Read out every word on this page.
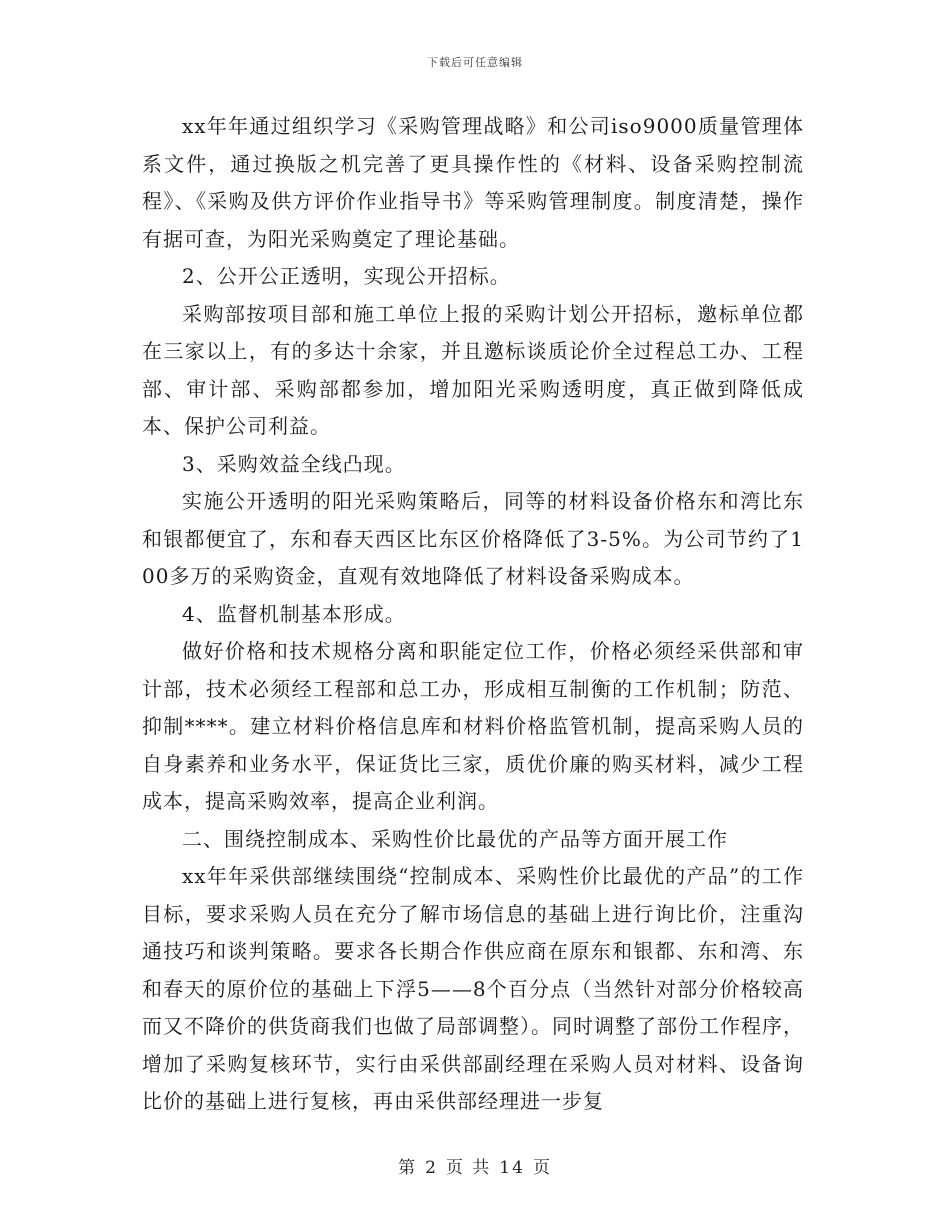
下载后可任意编辑

xx年年通过组织学习《采购管理战略》和公司iso9000质量管理体系文件，通过换版之机完善了更具操作性的《材料、设备采购控制流程》、《采购及供方评价作业指导书》等采购管理制度。制度清楚，操作有据可查，为阳光采购奠定了理论基础。

2、公开公正透明，实现公开招标。

采购部按项目部和施工单位上报的采购计划公开招标，邀标单位都在三家以上，有的多达十余家，并且邀标谈质论价全过程总工办、工程部、审计部、采购部都参加，增加阳光采购透明度，真正做到降低成本、保护公司利益。

3、采购效益全线凸现。

实施公开透明的阳光采购策略后，同等的材料设备价格东和湾比东和银都便宜了，东和春天西区比东区价格降低了3-5%。为公司节约了100多万的采购资金，直观有效地降低了材料设备采购成本。

4、监督机制基本形成。

做好价格和技术规格分离和职能定位工作，价格必须经采供部和审计部，技术必须经工程部和总工办，形成相互制衡的工作机制；防范、抑制****。建立材料价格信息库和材料价格监管机制，提高采购人员的自身素养和业务水平，保证货比三家，质优价廉的购买材料，减少工程成本，提高采购效率，提高企业利润。

二、围绕控制成本、采购性价比最优的产品等方面开展工作

xx年年采供部继续围绕“控制成本、采购性价比最优的产品”的工作目标，要求采购人员在充分了解市场信息的基础上进行询比价，注重沟通技巧和谈判策略。要求各长期合作供应商在原东和银都、东和湾、东和春天的原价位的基础上下浮5——8个百分点（当然针对部分价格较高而又不降价的供货商我们也做了局部调整）。同时调整了部份工作程序，增加了采购复核环节，实行由采供部副经理在采购人员对材料、设备询比价的基础上进行复核，再由采供部经理进一步复

第 2 页 共 14 页
